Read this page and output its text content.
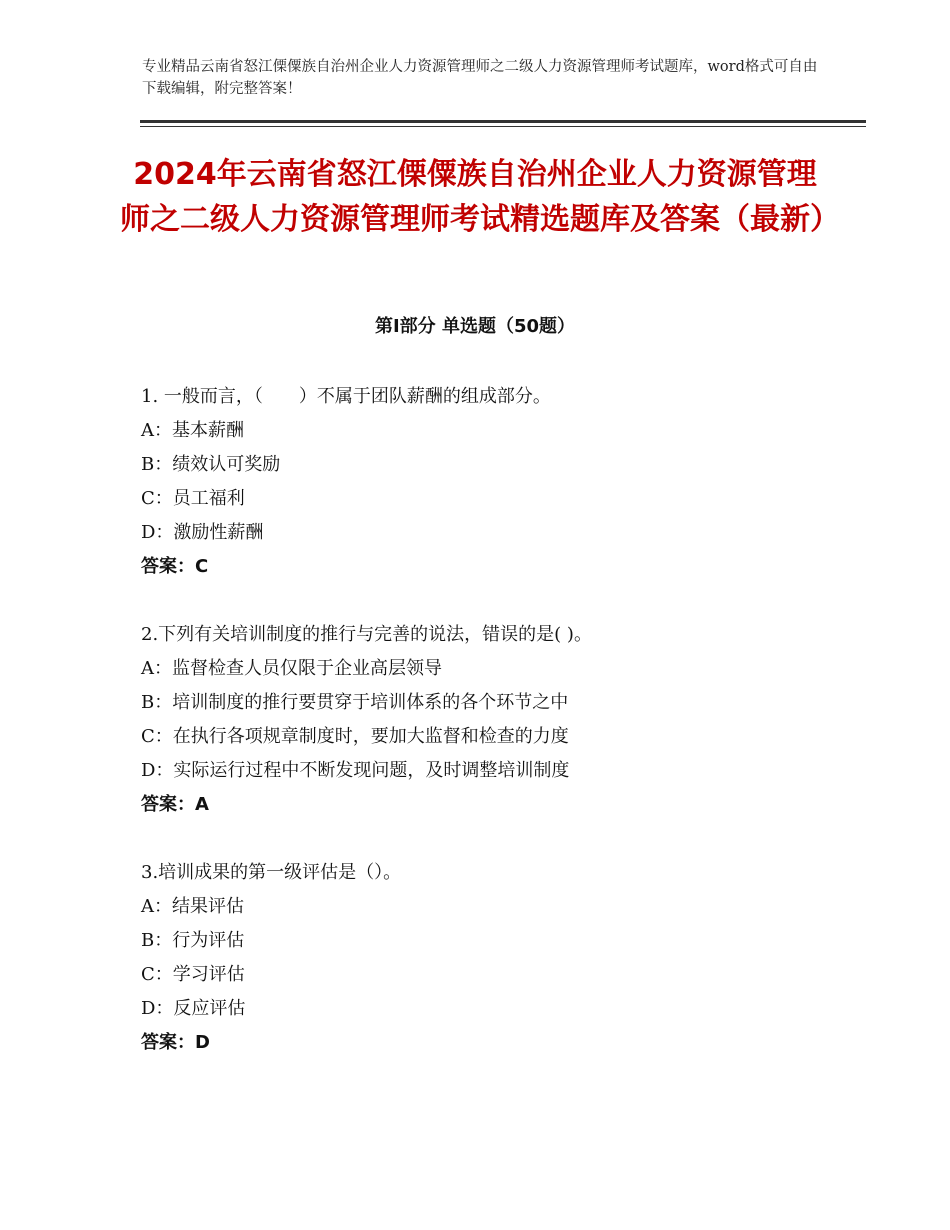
专业精品云南省怒江傈僳族自治州企业人力资源管理师之二级人力资源管理师考试题库，word格式可自由下载编辑，附完整答案！
2024年云南省怒江傈僳族自治州企业人力资源管理师之二级人力资源管理师考试精选题库及答案（最新）
第Ⅰ部分 单选题（50题）
1. 一般而言，（　　）不属于团队薪酬的组成部分。
A：基本薪酬
B：绩效认可奖励
C：员工福利
D：激励性薪酬
答案：C
2.下列有关培训制度的推行与完善的说法，错误的是( )。
A：监督检查人员仅限于企业高层领导
B：培训制度的推行要贯穿于培训体系的各个环节之中
C：在执行各项规章制度时，要加大监督和检查的力度
D：实际运行过程中不断发现问题，及时调整培训制度
答案：A
3.培训成果的第一级评估是（）。
A：结果评估
B：行为评估
C：学习评估
D：反应评估
答案：D
